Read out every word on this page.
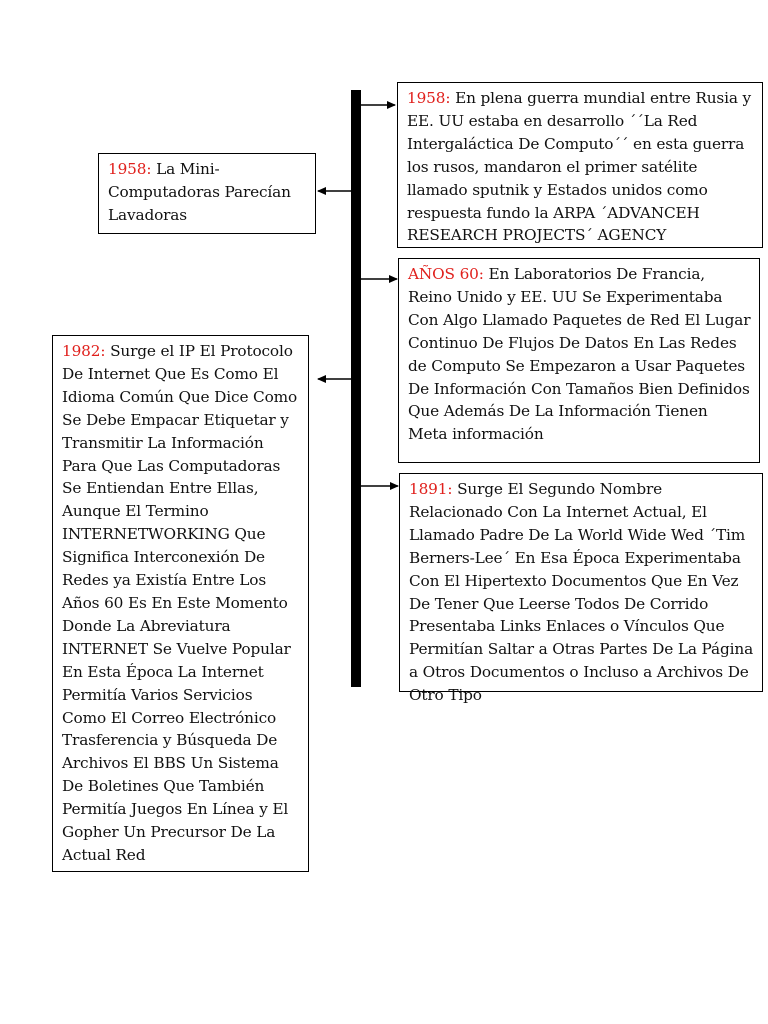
1958: En plena guerra mundial entre Rusia y EE. UU estaba en desarrollo ´´La Red Intergaláctica De Computo´´ en esta guerra los rusos, mandaron el primer satélite llamado sputnik y Estados unidos como respuesta fundo la ARPA ´ADVANCEH RESEARCH PROJECTS´ AGENCY
1958: La Mini-Computadoras Parecían Lavadoras
AÑOS 60: En Laboratorios De Francia, Reino Unido y EE. UU Se Experimentaba Con Algo Llamado Paquetes de Red El Lugar Continuo De Flujos De Datos En Las Redes de Computo Se Empezaron a Usar Paquetes De Información Con Tamaños Bien Definidos Que Además De La Información Tienen Meta información
1982: Surge el IP El Protocolo De Internet Que Es Como El Idioma Común Que Dice Como Se Debe Empacar Etiquetar y Transmitir La Información Para Que Las Computadoras Se Entiendan Entre Ellas, Aunque El Termino INTERNETWORKING Que Significa Interconexión De Redes ya Existía Entre Los Años 60 Es En Este Momento Donde La Abreviatura INTERNET Se Vuelve Popular En Esta Época La Internet Permitía Varios Servicios Como El Correo Electrónico Trasferencia y Búsqueda De Archivos El BBS Un Sistema De Boletines Que También Permitía Juegos En Línea y El Gopher Un Precursor De La Actual Red
1891: Surge El Segundo Nombre Relacionado Con La Internet Actual, El Llamado Padre De La World Wide Wed ´Tim Berners-Lee´ En Esa Época Experimentaba Con El Hipertexto Documentos Que En Vez De Tener Que Leerse Todos De Corrido Presentaba Links Enlaces o Vínculos Que Permitían Saltar a Otras Partes De La Página a Otros Documentos o Incluso a Archivos De Otro Tipo
